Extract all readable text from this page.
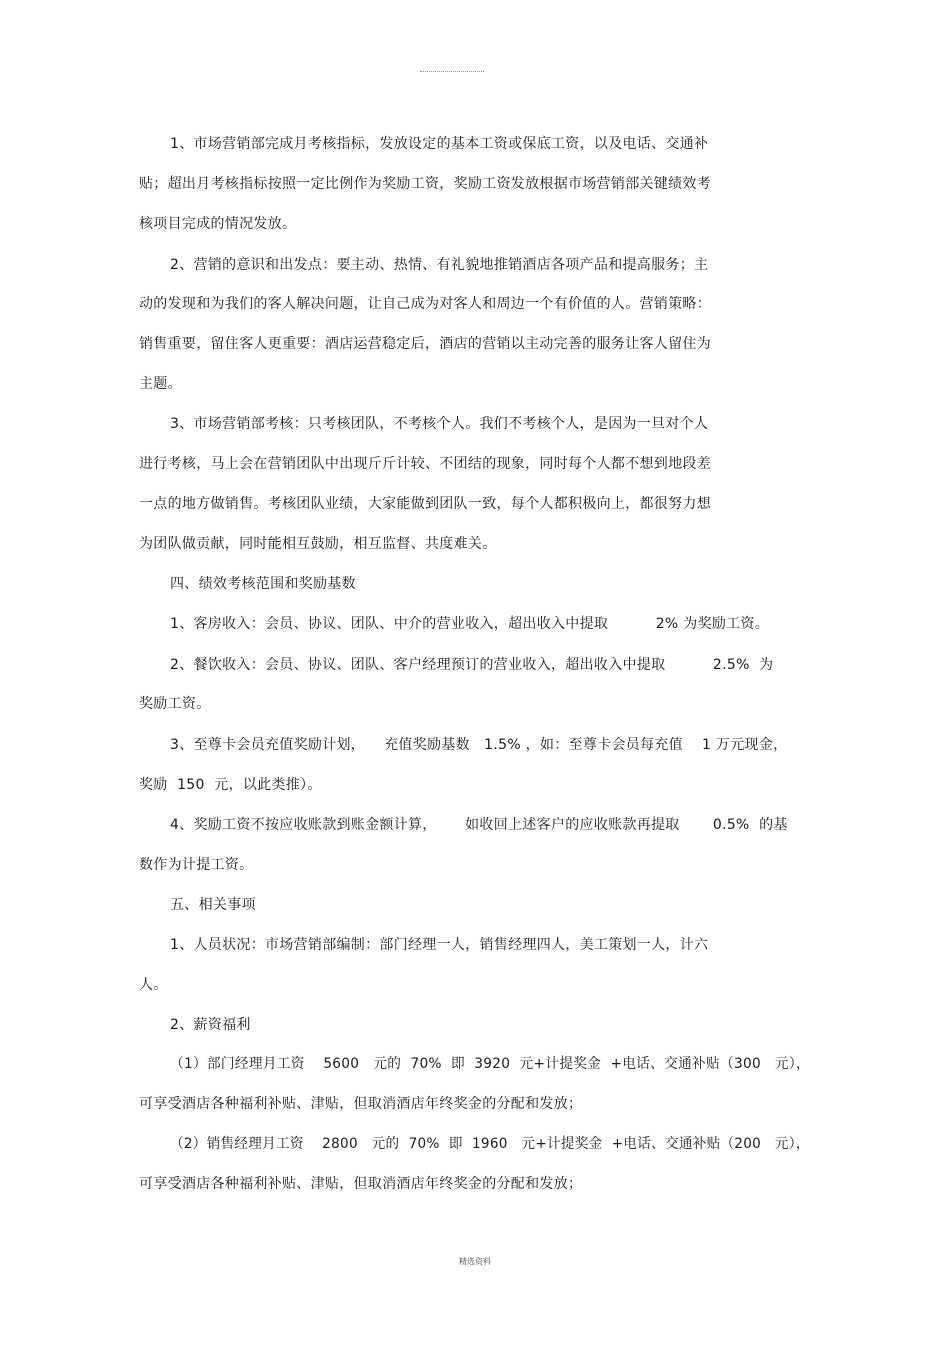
1、市场营销部完成月考核指标，发放设定的基本工资或保底工资，以及电话、交通补

贴；超出月考核指标按照一定比例作为奖励工资，奖励工资发放根据市场营销部关键绩效考

核项目完成的情况发放。

2、营销的意识和出发点：要主动、热情、有礼貌地推销酒店各项产品和提高服务；主

动的发现和为我们的客人解决问题，让自己成为对客人和周边一个有价值的人。营销策略：

销售重要，留住客人更重要：酒店运营稳定后，酒店的营销以主动完善的服务让客人留住为

主题。

3、市场营销部考核：只考核团队，不考核个人。我们不考核个人，是因为一旦对个人

进行考核，马上会在营销团队中出现斤斤计较、不团结的现象，同时每个人都不想到地段差

一点的地方做销售。考核团队业绩，大家能做到团队一致，每个人都积极向上，都很努力想

为团队做贡献，同时能相互鼓励，相互监督、共度难关。

四、绩效考核范围和奖励基数

1、客房收入：会员、协议、团队、中介的营业收入，超出收入中提取          2% 为奖励工资。

2、餐饮收入：会员、协议、团队、客户经理预订的营业收入，超出收入中提取          2.5%  为

奖励工资。

3、至尊卡会员充值奖励计划，    充值奖励基数   1.5% ，如：至尊卡会员每充值    1 万元现金，

奖励  150  元，以此类推）。

4、奖励工资不按应收账款到账金额计算，      如收回上述客户的应收账款再提取       0.5%  的基

数作为计提工资。

五、相关事项

1、人员状况：市场营销部编制：部门经理一人，销售经理四人，美工策划一人，计六

人。

2、薪资福利

（1）部门经理月工资    5600   元的  70%  即  3920  元+计提奖金  +电话、交通补贴（300   元），

可享受酒店各种福利补贴、津贴，但取消酒店年终奖金的分配和发放；

（2）销售经理月工资    2800   元的  70%  即  1960   元+计提奖金  +电话、交通补贴（200   元），

可享受酒店各种福利补贴、津贴，但取消酒店年终奖金的分配和发放；

精选资料
